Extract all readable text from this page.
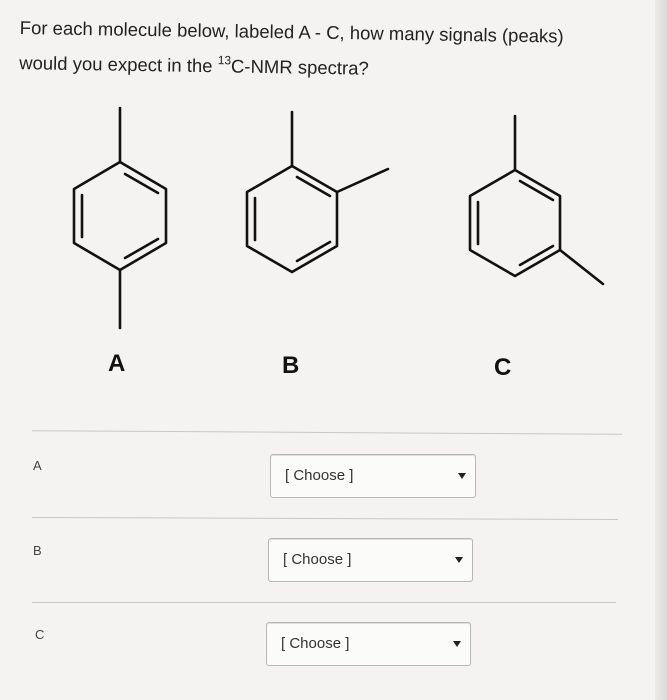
For each molecule below, labeled A - C, how many signals (peaks)
would you expect in the $^{13}$C-NMR spectra?
A	B	C
A
[ Choose ]
B
[ Choose ]
C
[ Choose ]
